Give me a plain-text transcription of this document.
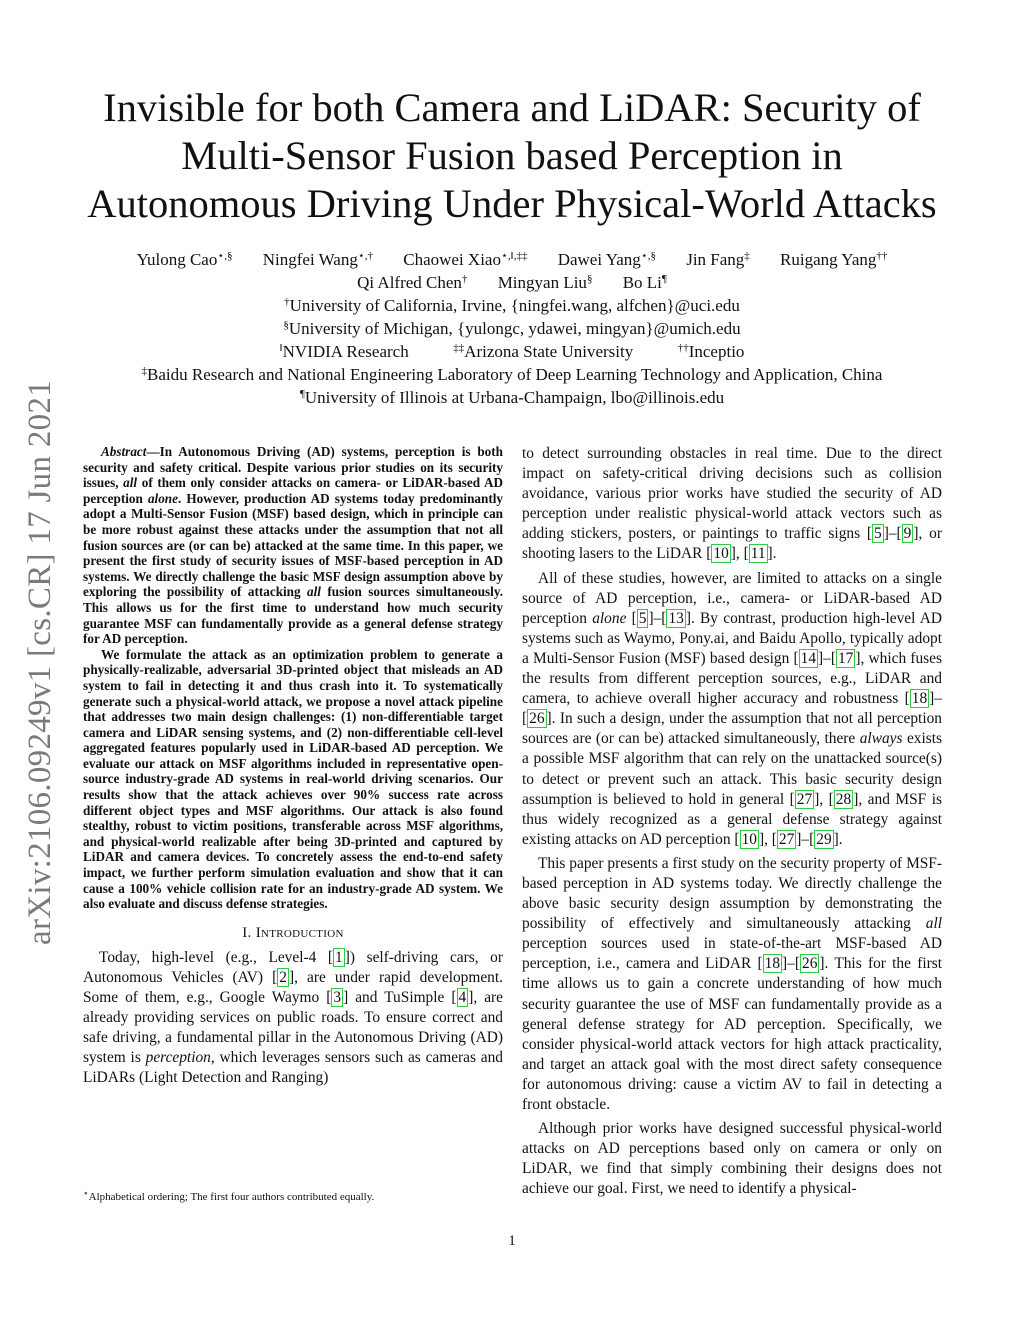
arXiv:2106.09249v1 [cs.CR] 17 Jun 2021
Invisible for both Camera and LiDAR: Security of
Multi-Sensor Fusion based Perception in
Autonomous Driving Under Physical-World Attacks
Yulong Cao⋆,§ Ningfei Wang⋆,† Chaowei Xiao⋆,‖,‡‡ Dawei Yang⋆,§ Jin Fang‡ Ruigang Yang††
Qi Alfred Chen† Mingyan Liu§ Bo Li¶
†University of California, Irvine, {ningfei.wang, alfchen}@uci.edu
§University of Michigan, {yulongc, ydawei, mingyan}@umich.edu
‖NVIDIA Research	‡‡Arizona State University	††Inceptio
‡Baidu Research and National Engineering Laboratory of Deep Learning Technology and Application, China
¶University of Illinois at Urbana-Champaign, lbo@illinois.edu

Abstract—In Autonomous Driving (AD) systems, perception is both security and safety critical. Despite various prior studies on its security issues, all of them only consider attacks on camera- or LiDAR-based AD perception alone. However, production AD systems today predominantly adopt a Multi-Sensor Fusion (MSF) based design, which in principle can be more robust against these attacks under the assumption that not all fusion sources are (or can be) attacked at the same time. In this paper, we present the first study of security issues of MSF-based perception in AD systems. We directly challenge the basic MSF design assumption above by exploring the possibility of attacking all fusion sources simultaneously. This allows us for the first time to understand how much security guarantee MSF can fundamentally provide as a general defense strategy for AD perception.

We formulate the attack as an optimization problem to generate a physically-realizable, adversarial 3D-printed object that misleads an AD system to fail in detecting it and thus crash into it. To systematically generate such a physical-world attack, we propose a novel attack pipeline that addresses two main design challenges: (1) non-differentiable target camera and LiDAR sensing systems, and (2) non-differentiable cell-level aggregated features popularly used in LiDAR-based AD perception. We evaluate our attack on MSF algorithms included in representative open-source industry-grade AD systems in real-world driving scenarios. Our results show that the attack achieves over 90% success rate across different object types and MSF algorithms. Our attack is also found stealthy, robust to victim positions, transferable across MSF algorithms, and physical-world realizable after being 3D-printed and captured by LiDAR and camera devices. To concretely assess the end-to-end safety impact, we further perform simulation evaluation and show that it can cause a 100% vehicle collision rate for an industry-grade AD system. We also evaluate and discuss defense strategies.

I. Introduction

Today, high-level (e.g., Level-4 [ 1 ]) self-driving cars, or Autonomous Vehicles (AV) [ 2 ], are under rapid development. Some of them, e.g., Google Waymo [ 3 ] and TuSimple [ 4 ], are already providing services on public roads. To ensure correct and safe driving, a fundamental pillar in the Autonomous Driving (AD) system is perception, which leverages sensors such as cameras and LiDARs (Light Detection and Ranging)

⋆Alphabetical ordering; The first four authors contributed equally.

to detect surrounding obstacles in real time. Due to the direct impact on safety-critical driving decisions such as collision avoidance, various prior works have studied the security of AD perception under realistic physical-world attack vectors such as adding stickers, posters, or paintings to traffic signs [ 5 ]–[ 9 ], or shooting lasers to the LiDAR [ 10 ], [ 11 ].

All of these studies, however, are limited to attacks on a single source of AD perception, i.e., camera- or LiDAR-based AD perception alone [ 5 ]–[ 13 ]. By contrast, production high-level AD systems such as Waymo, Pony.ai, and Baidu Apollo, typically adopt a Multi-Sensor Fusion (MSF) based design [ 14 ]–[ 17 ], which fuses the results from different perception sources, e.g., LiDAR and camera, to achieve overall higher accuracy and robustness [ 18 ]–[ 26 ]. In such a design, under the assumption that not all perception sources are (or can be) attacked simultaneously, there always exists a possible MSF algorithm that can rely on the unattacked source(s) to detect or prevent such an attack. This basic security design assumption is believed to hold in general [ 27 ], [ 28 ], and MSF is thus widely recognized as a general defense strategy against existing attacks on AD perception [ 10 ], [ 27 ]–[ 29 ].

This paper presents a first study on the security property of MSF-based perception in AD systems today. We directly challenge the above basic security design assumption by demonstrating the possibility of effectively and simultaneously attacking all perception sources used in state-of-the-art MSF-based AD perception, i.e., camera and LiDAR [ 18 ]–[ 26 ]. This for the first time allows us to gain a concrete understanding of how much security guarantee the use of MSF can fundamentally provide as a general defense strategy for AD perception. Specifically, we consider physical-world attack vectors for high attack practicality, and target an attack goal with the most direct safety consequence for autonomous driving: cause a victim AV to fail in detecting a front obstacle.

Although prior works have designed successful physical-world attacks on AD perceptions based only on camera or only on LiDAR, we find that simply combining their designs does not achieve our goal. First, we need to identify a physical-

1
